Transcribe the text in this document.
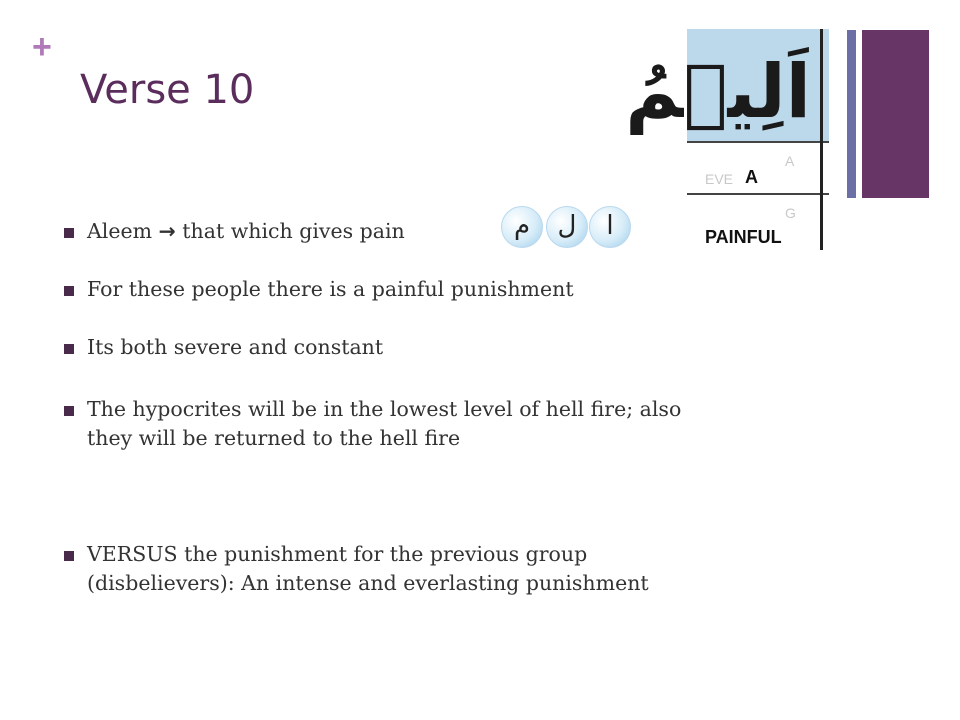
+
Verse 10	اَلِيۡمُ
EVE
A
G
A
PAINFUL
م	ل	ا
Aleem → that which gives pain
For these people there is a painful punishment
Its both severe and constant
The hypocrites will be in the lowest level of hell fire; also
they will be returned to the hell fire
VERSUS the punishment for the previous group
(disbelievers): An intense and everlasting punishment
